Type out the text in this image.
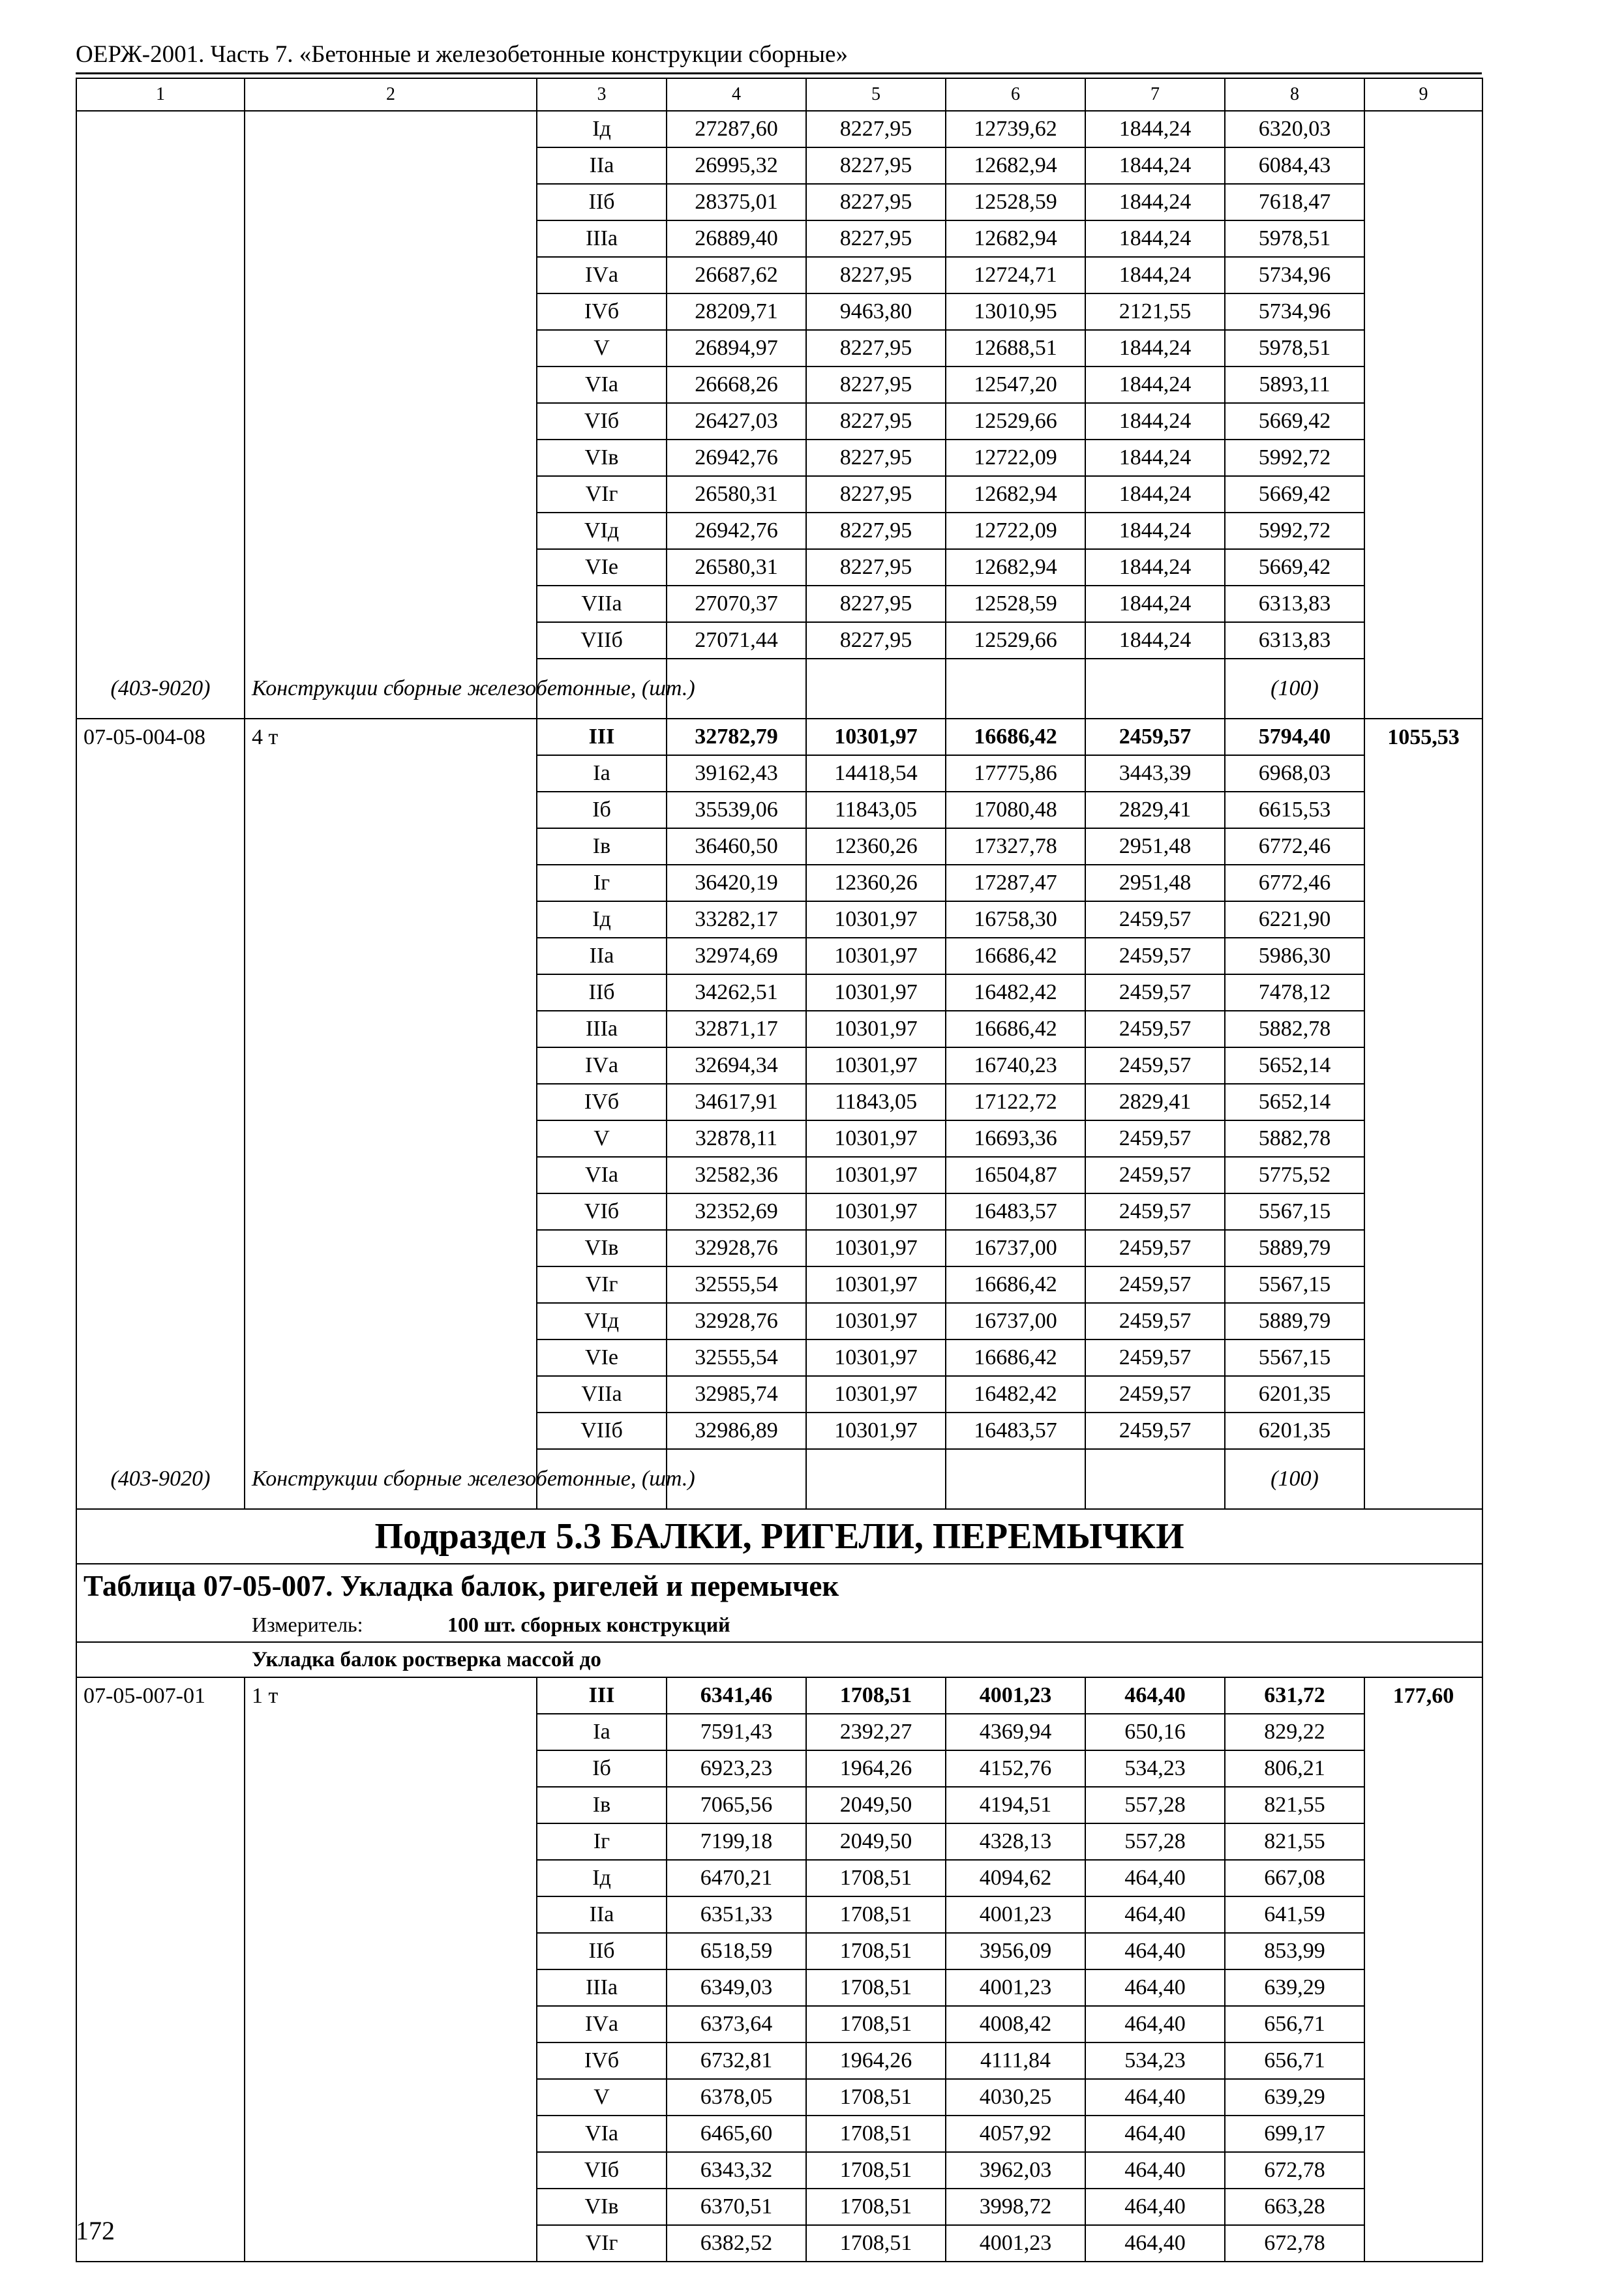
ОЕРЖ-2001. Часть 7. «Бетонные и железобетонные конструкции сборные»
1	2	3	4	5	6	7	8	9
		Iд	27287,60	8227,95	12739,62	1844,24	6320,03	
		IIа	26995,32	8227,95	12682,94	1844,24	6084,43	
		IIб	28375,01	8227,95	12528,59	1844,24	7618,47	
		IIIа	26889,40	8227,95	12682,94	1844,24	5978,51	
		IVа	26687,62	8227,95	12724,71	1844,24	5734,96	
		IVб	28209,71	9463,80	13010,95	2121,55	5734,96	
		V	26894,97	8227,95	12688,51	1844,24	5978,51	
		VIа	26668,26	8227,95	12547,20	1844,24	5893,11	
		VIб	26427,03	8227,95	12529,66	1844,24	5669,42	
		VIв	26942,76	8227,95	12722,09	1844,24	5992,72	
		VIг	26580,31	8227,95	12682,94	1844,24	5669,42	
		VIд	26942,76	8227,95	12722,09	1844,24	5992,72	
		VIе	26580,31	8227,95	12682,94	1844,24	5669,42	
		VIIа	27070,37	8227,95	12528,59	1844,24	6313,83	
		VIIб	27071,44	8227,95	12529,66	1844,24	6313,83	
(403-9020)	Конструкции сборные железобетонные, (шт.)						(100)	
07-05-004-08	4 т	III	32782,79	10301,97	16686,42	2459,57	5794,40	1055,53
		Iа	39162,43	14418,54	17775,86	3443,39	6968,03	
		Iб	35539,06	11843,05	17080,48	2829,41	6615,53	
		Iв	36460,50	12360,26	17327,78	2951,48	6772,46	
		Iг	36420,19	12360,26	17287,47	2951,48	6772,46	
		Iд	33282,17	10301,97	16758,30	2459,57	6221,90	
		IIа	32974,69	10301,97	16686,42	2459,57	5986,30	
		IIб	34262,51	10301,97	16482,42	2459,57	7478,12	
		IIIа	32871,17	10301,97	16686,42	2459,57	5882,78	
		IVа	32694,34	10301,97	16740,23	2459,57	5652,14	
		IVб	34617,91	11843,05	17122,72	2829,41	5652,14	
		V	32878,11	10301,97	16693,36	2459,57	5882,78	
		VIа	32582,36	10301,97	16504,87	2459,57	5775,52	
		VIб	32352,69	10301,97	16483,57	2459,57	5567,15	
		VIв	32928,76	10301,97	16737,00	2459,57	5889,79	
		VIг	32555,54	10301,97	16686,42	2459,57	5567,15	
		VIд	32928,76	10301,97	16737,00	2459,57	5889,79	
		VIе	32555,54	10301,97	16686,42	2459,57	5567,15	
		VIIа	32985,74	10301,97	16482,42	2459,57	6201,35	
		VIIб	32986,89	10301,97	16483,57	2459,57	6201,35	
(403-9020)	Конструкции сборные железобетонные, (шт.)						(100)	
Подраздел 5.3 БАЛКИ, РИГЕЛИ, ПЕРЕМЫЧКИ								
Таблица 07-05-007. Укладка балок, ригелей и перемычек								
Измеритель: 100 шт. сборных конструкций								
Укладка балок ростверка массой до								
07-05-007-01	1 т	III	6341,46	1708,51	4001,23	464,40	631,72	177,60
		Iа	7591,43	2392,27	4369,94	650,16	829,22	
		Iб	6923,23	1964,26	4152,76	534,23	806,21	
		Iв	7065,56	2049,50	4194,51	557,28	821,55	
		Iг	7199,18	2049,50	4328,13	557,28	821,55	
		Iд	6470,21	1708,51	4094,62	464,40	667,08	
		IIа	6351,33	1708,51	4001,23	464,40	641,59	
		IIб	6518,59	1708,51	3956,09	464,40	853,99	
		IIIа	6349,03	1708,51	4001,23	464,40	639,29	
		IVа	6373,64	1708,51	4008,42	464,40	656,71	
		IVб	6732,81	1964,26	4111,84	534,23	656,71	
		V	6378,05	1708,51	4030,25	464,40	639,29	
		VIа	6465,60	1708,51	4057,92	464,40	699,17	
		VIб	6343,32	1708,51	3962,03	464,40	672,78	
		VIв	6370,51	1708,51	3998,72	464,40	663,28	
		VIг	6382,52	1708,51	4001,23	464,40	672,78	
172
